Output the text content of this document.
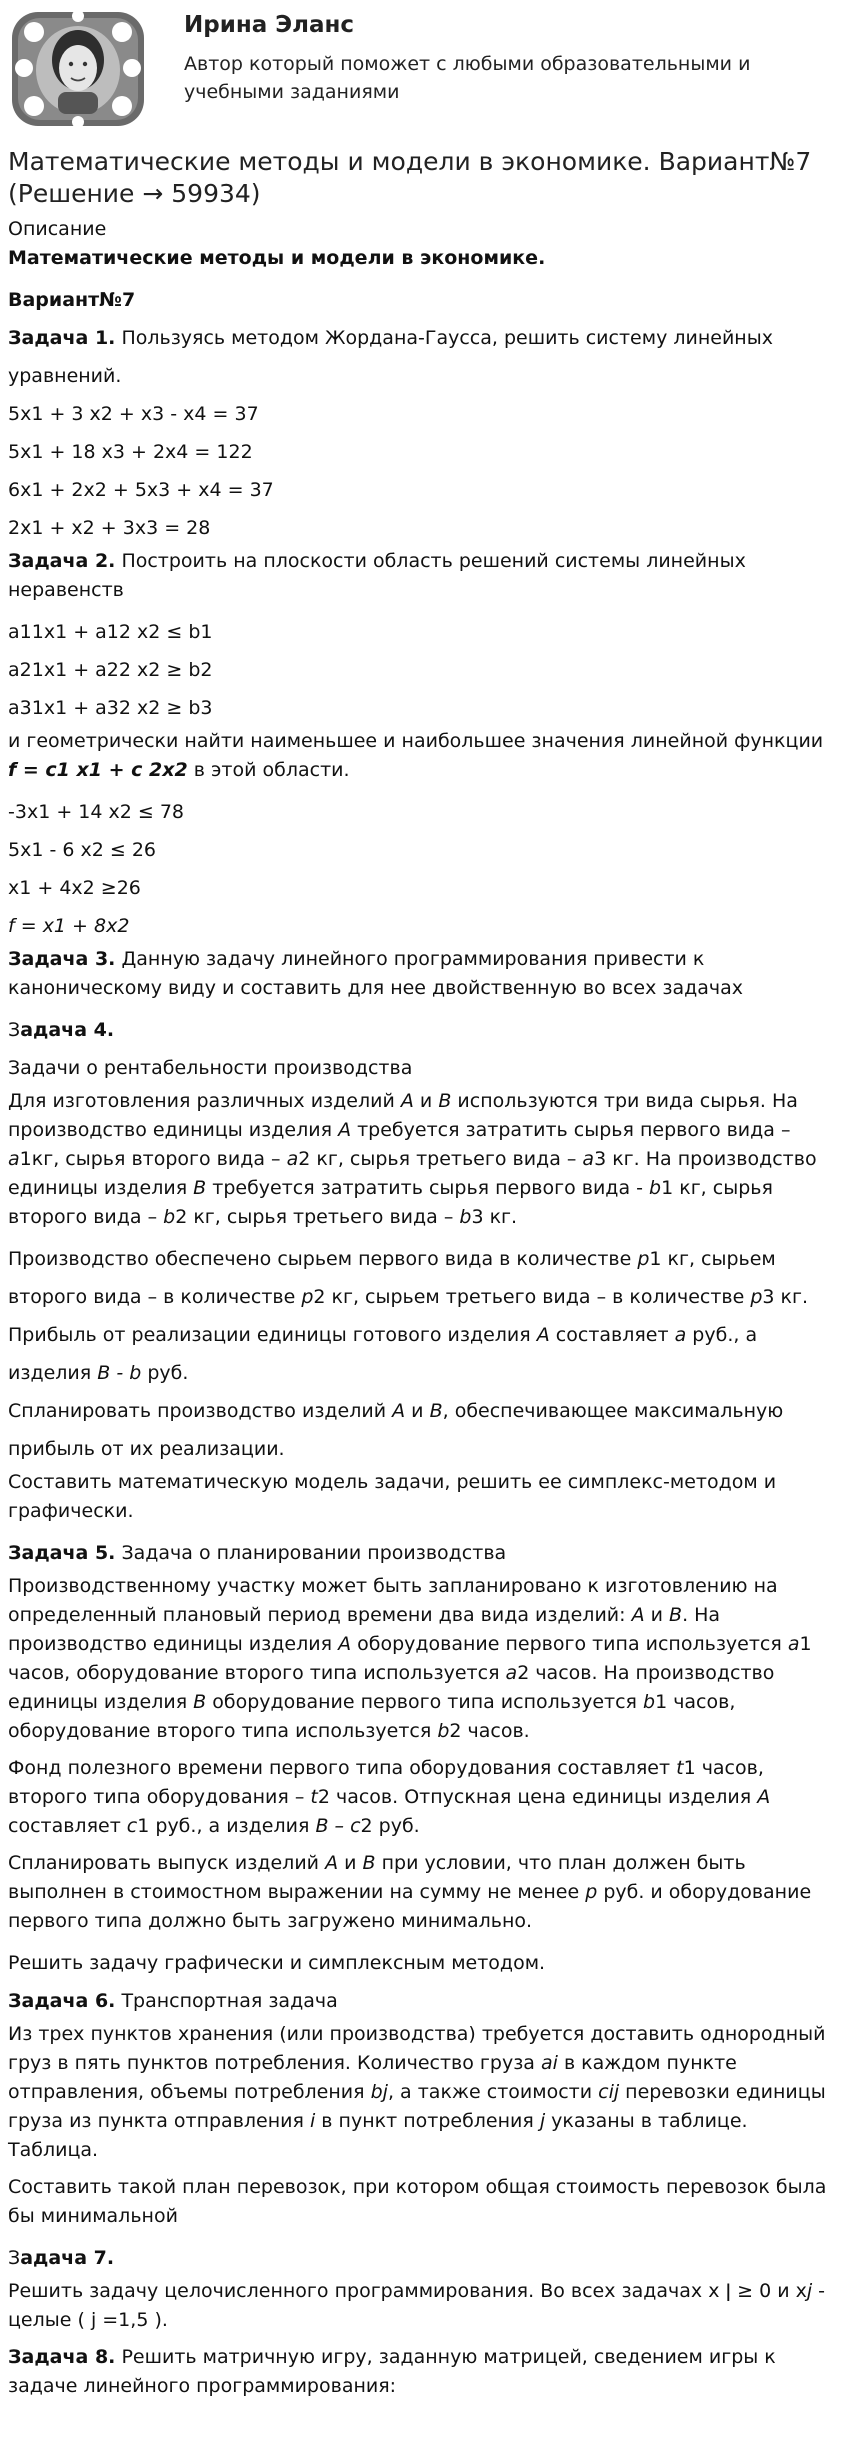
Ирина Эланс
Автор который поможет с любыми образовательными и учебными заданиями
Математические методы и модели в экономике. Вариант№7 (Решение → 59934)

Описание

Математические методы и модели в экономике.

Вариант№7

Задача 1. Пользуясь методом Жордана-Гаусса, решить систему линейных

уравнений.

5x1 + 3 x2 + x3 - x4 = 37

5x1 + 18 x3 + 2x4 = 122

6x1 + 2x2 + 5x3 + x4 = 37

2x1 + x2 + 3x3 = 28

Задача 2. Построить на плоскости область решений системы линейных неравенств

a11x1 + a12 x2 ≤ b1

a21x1 + a22 x2 ≥ b2

a31x1 + a32 x2 ≥ b3

и геометрически найти наименьшее и наибольшее значения линейной функции f = c1 x1 + c 2x2 в этой области.

-3x1 + 14 x2 ≤ 78

5x1 - 6 x2 ≤ 26

x1 + 4x2 ≥26

f = x1 + 8x2

Задача 3. Данную задачу линейного программирования привести к каноническому виду и составить для нее двойственную во всех задачах

Задача 4.

Задачи о рентабельности производства

Для изготовления различных изделий A и B используются три вида сырья. На производство единицы изделия A требуется затратить сырья первого вида – a1кг, сырья второго вида – a2 кг, сырья третьего вида – a3 кг. На производство единицы изделия B требуется затратить сырья первого вида - b1 кг, сырья второго вида – b2 кг, сырья третьего вида – b3 кг.

Производство обеспечено сырьем первого вида в количестве p1 кг, сырьем второго вида – в количестве p2 кг, сырьем третьего вида – в количестве p3 кг.

Прибыль от реализации единицы готового изделия A составляет a руб., а изделия B - b руб.

Спланировать производство изделий A и B, обеспечивающее максимальную прибыль от их реализации.

Составить математическую модель задачи, решить ее симплекс-методом и графически.

Задача 5. Задача о планировании производства

Производственному участку может быть запланировано к изготовлению на определенный плановый период времени два вида изделий: A и B. На производство единицы изделия A оборудование первого типа используется a1 часов, оборудование второго типа используется a2 часов. На производство единицы изделия B оборудование первого типа используется b1 часов, оборудование второго типа используется b2 часов.

Фонд полезного времени первого типа оборудования составляет t1 часов, второго типа оборудования – t2 часов. Отпускная цена единицы изделия A составляет c1 руб., а изделия B – c2 руб.

Спланировать выпуск изделий A и B при условии, что план должен быть выполнен в стоимостном выражении на сумму не менее p руб. и оборудование первого типа должно быть загружено минимально.

Решить задачу графически и симплексным методом.

Задача 6. Транспортная задача

Из трех пунктов хранения (или производства) требуется доставить однородный груз в пять пунктов потребления. Количество груза ai в каждом пункте отправления, объемы потребления bj, а также стоимости cij перевозки единицы груза из пункта отправления i в пункт потребления j указаны в таблице. Таблица.

Составить такой план перевозок, при котором общая стоимость перевозок была бы минимальной

Задача 7.

Решить задачу целочисленного программирования. Во всех задачах x ǀ ≥ 0 и xj - целые ( j =1,5 ).

Задача 8. Решить матричную игру, заданную матрицей, сведением игры к задаче линейного программирования:
